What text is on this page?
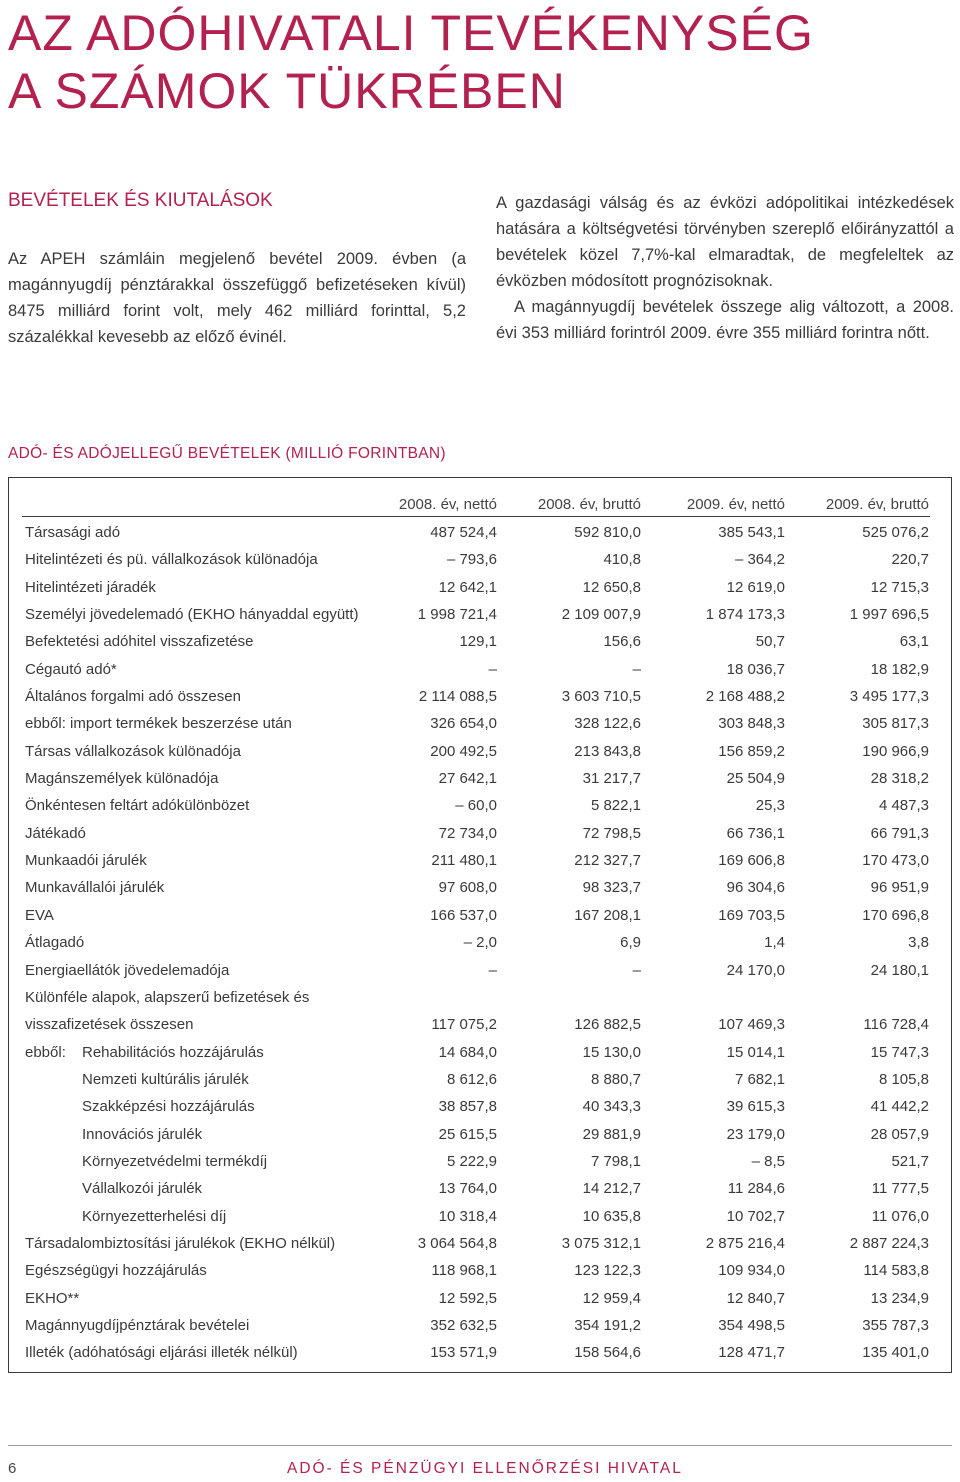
AZ ADÓHIVATALI TEVÉKENYSÉG
A SZÁMOK TÜKRÉBEN
BEVÉTELEK ÉS KIUTALÁSOK

Az APEH számláin megjelenő bevétel 2009. évben (a magánnyugdíj pénztárakkal összefüggő befizetéseken kívül) 8475 milliárd forint volt, mely 462 milliárd forinttal, 5,2 százalékkal kevesebb az előző évinél.

A gazdasági válság és az évközi adópolitikai intézkedések hatására a költségvetési törvényben szereplő előirányzattól a bevételek közel 7,7%-kal elmaradtak, de megfeleltek az évközben módosított prognózisoknak.

A magánnyugdíj bevételek összege alig változott, a 2008. évi 353 milliárd forintról 2009. évre 355 milliárd forintra nőtt.

ADÓ- ÉS ADÓJELLEGŰ BEVÉTELEK (MILLIÓ FORINTBAN)
2008. év, nettó	2008. év, bruttó	2009. év, nettó	2009. év, bruttó
Társasági adó	487 524,4	592 810,0	385 543,1	525 076,2
Hitelintézeti és pü. vállalkozások különadója	– 793,6	410,8	– 364,2	220,7
Hitelintézeti járadék	12 642,1	12 650,8	12 619,0	12 715,3
Személyi jövedelemadó (EKHO hányaddal együtt)	1 998 721,4	2 109 007,9	1 874 173,3	1 997 696,5
Befektetési adóhitel visszafizetése	129,1	156,6	50,7	63,1
Cégautó adó*	–	–	18 036,7	18 182,9
Általános forgalmi adó összesen	2 114 088,5	3 603 710,5	2 168 488,2	3 495 177,3
ebből: import termékek beszerzése után	326 654,0	328 122,6	303 848,3	305 817,3
Társas vállalkozások különadója	200 492,5	213 843,8	156 859,2	190 966,9
Magánszemélyek különadója	27 642,1	31 217,7	25 504,9	28 318,2
Önkéntesen feltárt adókülönbözet	– 60,0	5 822,1	25,3	4 487,3
Játékadó	72 734,0	72 798,5	66 736,1	66 791,3
Munkaadói járulék	211 480,1	212 327,7	169 606,8	170 473,0
Munkavállalói járulék	97 608,0	98 323,7	96 304,6	96 951,9
EVA	166 537,0	167 208,1	169 703,5	170 696,8
Átlagadó	– 2,0	6,9	1,4	3,8
Energiaellátók jövedelemadója	–	–	24 170,0	24 180,1
Különféle alapok, alapszerű befizetések és
visszafizetések összesen	117 075,2	126 882,5	107 469,3	116 728,4
ebből: Rehabilitációs hozzájárulás	14 684,0	15 130,0	15 014,1	15 747,3
Nemzeti kultúrális járulék	8 612,6	8 880,7	7 682,1	8 105,8
Szakképzési hozzájárulás	38 857,8	40 343,3	39 615,3	41 442,2
Innovációs járulék	25 615,5	29 881,9	23 179,0	28 057,9
Környezetvédelmi termékdíj	5 222,9	7 798,1	– 8,5	521,7
Vállalkozói járulék	13 764,0	14 212,7	11 284,6	11 777,5
Környezetterhelési díj	10 318,4	10 635,8	10 702,7	11 076,0
Társadalombiztosítási járulékok (EKHO nélkül)	3 064 564,8	3 075 312,1	2 875 216,4	2 887 224,3
Egészségügyi hozzájárulás	118 968,1	123 122,3	109 934,0	114 583,8
EKHO**	12 592,5	12 959,4	12 840,7	13 234,9
Magánnyugdíjpénztárak bevételei	352 632,5	354 191,2	354 498,5	355 787,3
Illeték (adóhatósági eljárási illeték nélkül)	153 571,9	158 564,6	128 471,7	135 401,0
6	ADÓ- ÉS PÉNZÜGYI ELLENŐRZÉSI HIVATAL
